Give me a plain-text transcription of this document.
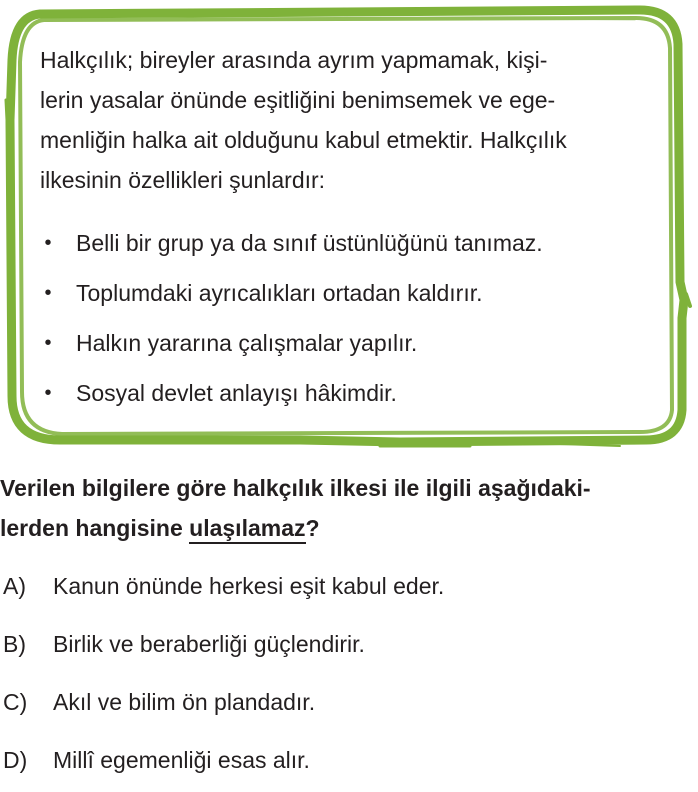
Halkçılık; bireyler arasında ayrım yapmamak, kişi-
lerin yasalar önünde eşitliğini benimsemek ve ege-
menliğin halka ait olduğunu kabul etmektir. Halkçılık
ilkesinin özellikleri şunlardır:

• Belli bir grup ya da sınıf üstünlüğünü tanımaz.
• Toplumdaki ayrıcalıkları ortadan kaldırır.
• Halkın yararına çalışmalar yapılır.
• Sosyal devlet anlayışı hâkimdir.

Verilen bilgilere göre halkçılık ilkesi ile ilgili aşağıdaki-
lerden hangisine ulaşılamaz?

A) Kanun önünde herkesi eşit kabul eder.
B) Birlik ve beraberliği güçlendirir.
C) Akıl ve bilim ön plandadır.
D) Millî egemenliği esas alır.
